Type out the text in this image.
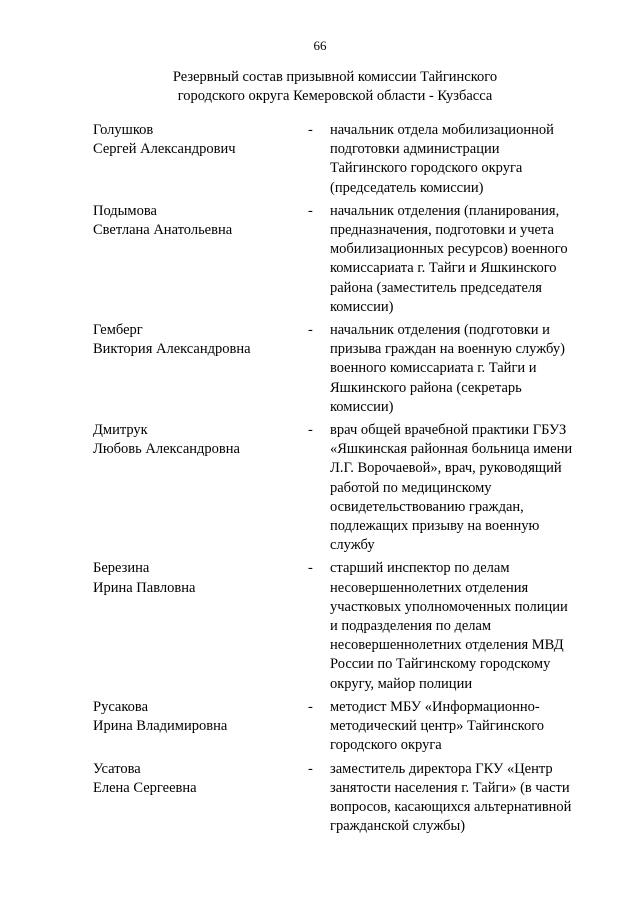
66
Резервный состав призывной комиссии Тайгинского
городского округа Кемеровской области - Кузбасса
Голушков
Сергей Александрович
-	начальник отдела мобилизационной
подготовки администрации
Тайгинского городского округа
(председатель комиссии)
Подымова
Светлана Анатольевна
-	начальник отделения (планирования,
предназначения, подготовки и учета
мобилизационных ресурсов) военного
комиссариата г. Тайги и Яшкинского
района (заместитель председателя
комиссии)
Гемберг
Виктория Александровна
-	начальник отделения (подготовки и
призыва граждан на военную службу)
военного комиссариата г. Тайги и
Яшкинского района (секретарь
комиссии)
Дмитрук
Любовь Александровна
-	врач общей врачебной практики ГБУЗ
«Яшкинская районная больница имени
Л.Г. Ворочаевой», врач, руководящий
работой по медицинскому
освидетельствованию граждан,
подлежащих призыву на военную
службу
Березина
Ирина Павловна
-	старший инспектор по делам
несовершеннолетних отделения
участковых уполномоченных полиции
и подразделения по делам
несовершеннолетних отделения МВД
России по Тайгинскому городскому
округу, майор полиции
Русакова
Ирина Владимировна
-	методист МБУ «Информационно-
методический центр» Тайгинского
городского округа
Усатова
Елена Сергеевна
-	заместитель директора ГКУ «Центр
занятости населения г. Тайги» (в части
вопросов, касающихся альтернативной
гражданской службы)
